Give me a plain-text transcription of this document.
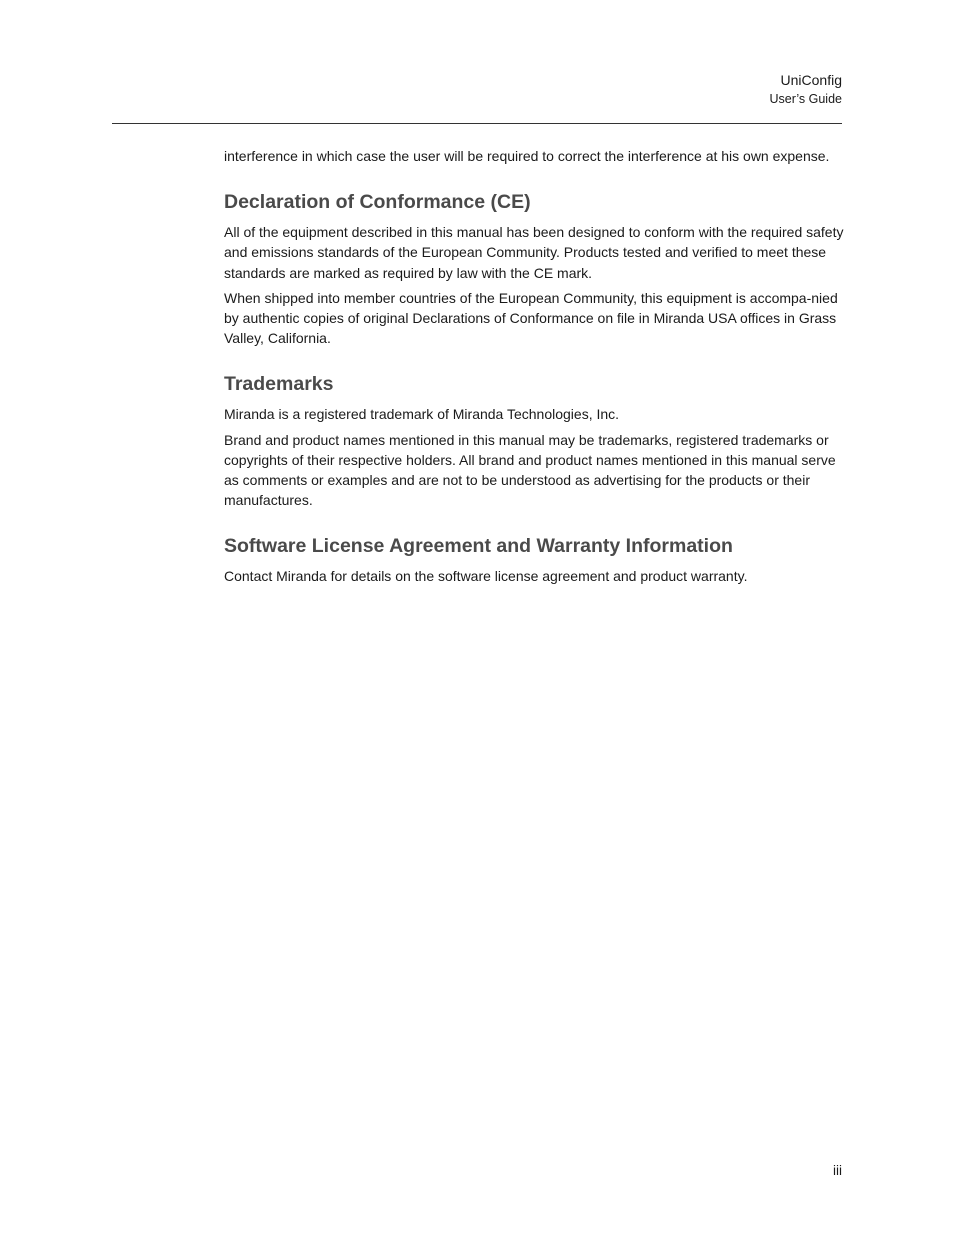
UniConfig
User’s Guide

interference in which case the user will be required to correct the interference at his own expense.

Declaration of Conformance (CE)

All of the equipment described in this manual has been designed to conform with the required safety and emissions standards of the European Community. Products tested and verified to meet these standards are marked as required by law with the CE mark.

When shipped into member countries of the European Community, this equipment is accompa-nied by authentic copies of original Declarations of Conformance on file in Miranda USA offices in Grass Valley, California.

Trademarks

Miranda is a registered trademark of Miranda Technologies, Inc.

Brand and product names mentioned in this manual may be trademarks, registered trademarks or copyrights of their respective holders. All brand and product names mentioned in this manual serve as comments or examples and are not to be understood as advertising for the products or their manufactures.

Software License Agreement and Warranty Information

Contact Miranda for details on the software license agreement and product warranty.

iii
